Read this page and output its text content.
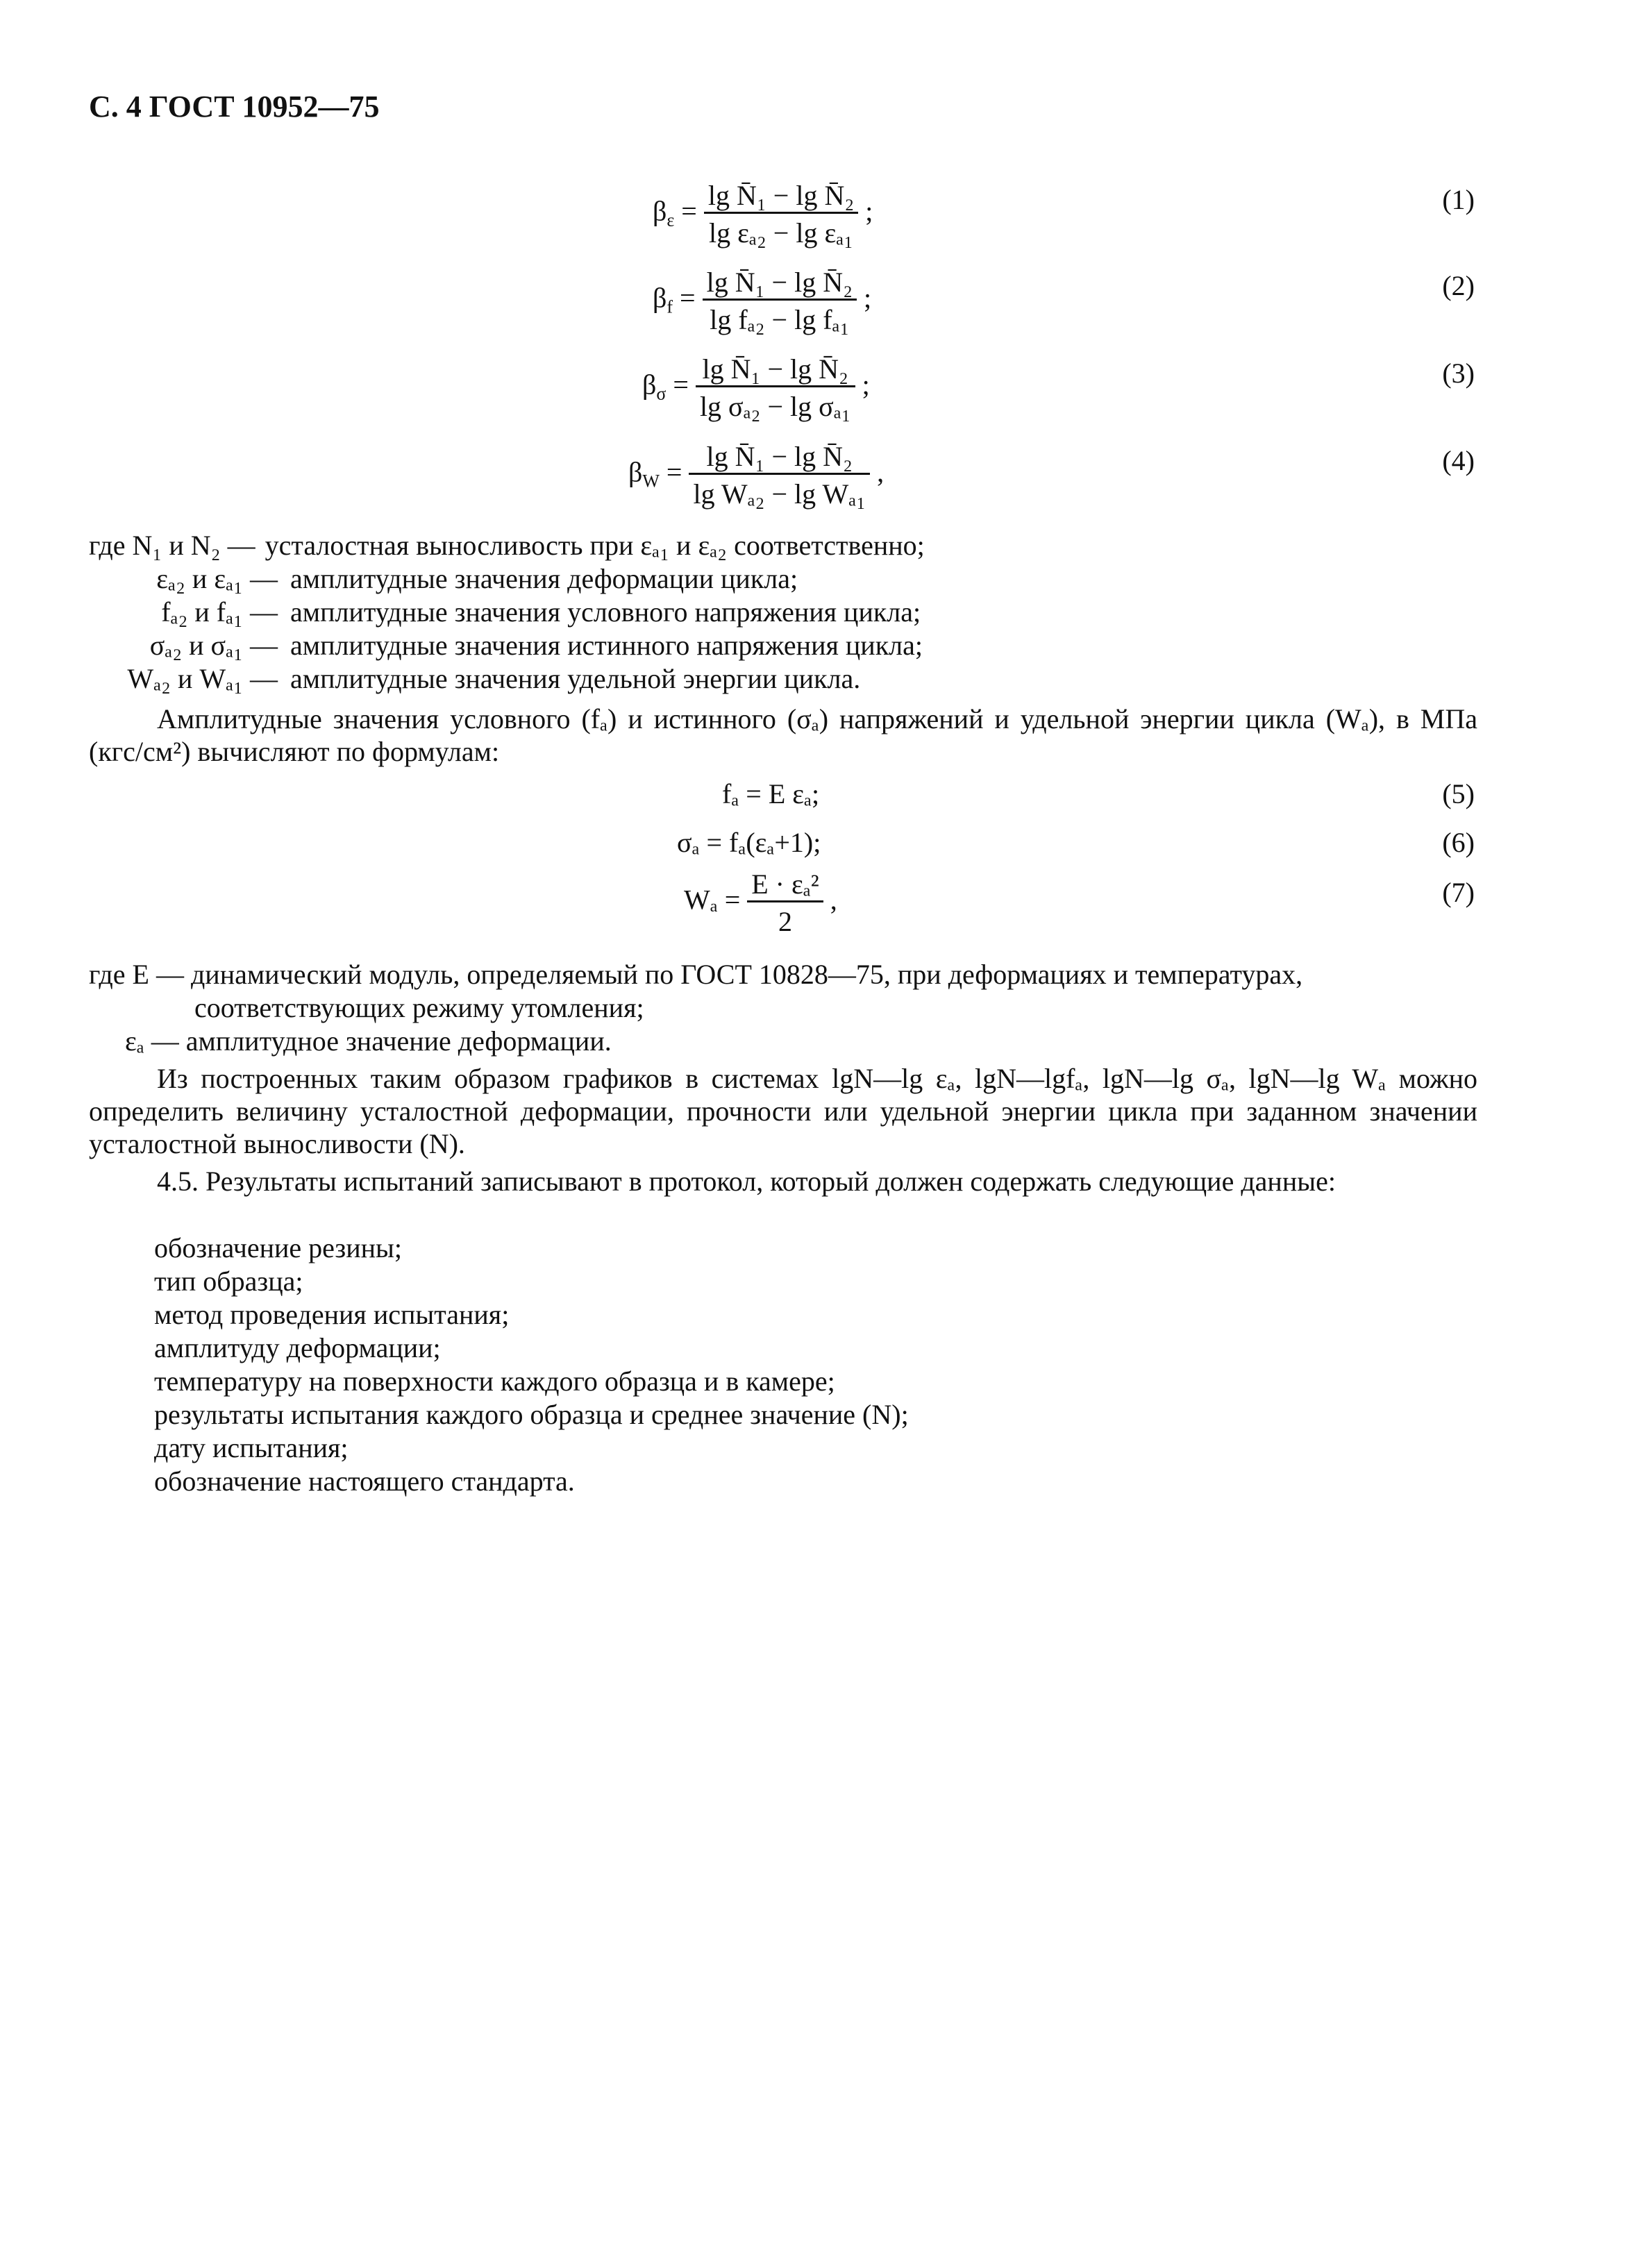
С. 4 ГОСТ 10952—75
$\beta_\varepsilon = \frac{\text{lg N̄₁ − lg N̄₂}}{\text{lg εₐ₂ − lg εₐ₁}}$ ;	(1)
$\beta_f = \frac{\text{lg N̄₁ − lg N̄₂}}{\text{lg fₐ₂ − lg fₐ₁}}$ ;	(2)
$\beta_\sigma = \frac{\text{lg N̄₁ − lg N̄₂}}{\text{lg σₐ₂ − lg σₐ₁}}$ ;	(3)
$\beta_W = \frac{\text{lg N̄₁ − lg N̄₂}}{\text{lg Wₐ₂ − lg Wₐ₁}}$ ,	(4)
где N₁ и N₂ — усталостная выносливость при εₐ₁ и εₐ₂ соответственно;
εₐ₂ и εₐ₁ — амплитудные значения деформации цикла;
fₐ₂ и fₐ₁ — амплитудные значения условного напряжения цикла;
σₐ₂ и σₐ₁ — амплитудные значения истинного напряжения цикла;
Wₐ₂ и Wₐ₁ — амплитудные значения удельной энергии цикла.
Амплитудные значения условного (fₐ) и истинного (σₐ) напряжений и удельной энергии цикла (Wₐ), в МПа (кгс/см²) вычисляют по формулам:
fₐ = E εₐ;	(5)
σₐ = fₐ(εₐ+1);	(6)
$W_a = \frac{\text{E · εₐ²}}{2}$ ,	(7)
где E — динамический модуль, определяемый по ГОСТ 10828—75, при деформациях и температурах,
соответствующих режиму утомления;
εₐ — амплитудное значение деформации.
Из построенных таким образом графиков в системах lgN—lg εₐ, lgN—lgfₐ, lgN—lg σₐ, lgN—lg Wₐ можно определить величину усталостной деформации, прочности или удельной энергии цикла при заданном значении усталостной выносливости (N).
4.5. Результаты испытаний записывают в протокол, который должен содержать следующие данные:
обозначение резины;
тип образца;
метод проведения испытания;
амплитуду деформации;
температуру на поверхности каждого образца и в камере;
результаты испытания каждого образца и среднее значение (N);
дату испытания;
обозначение настоящего стандарта.
